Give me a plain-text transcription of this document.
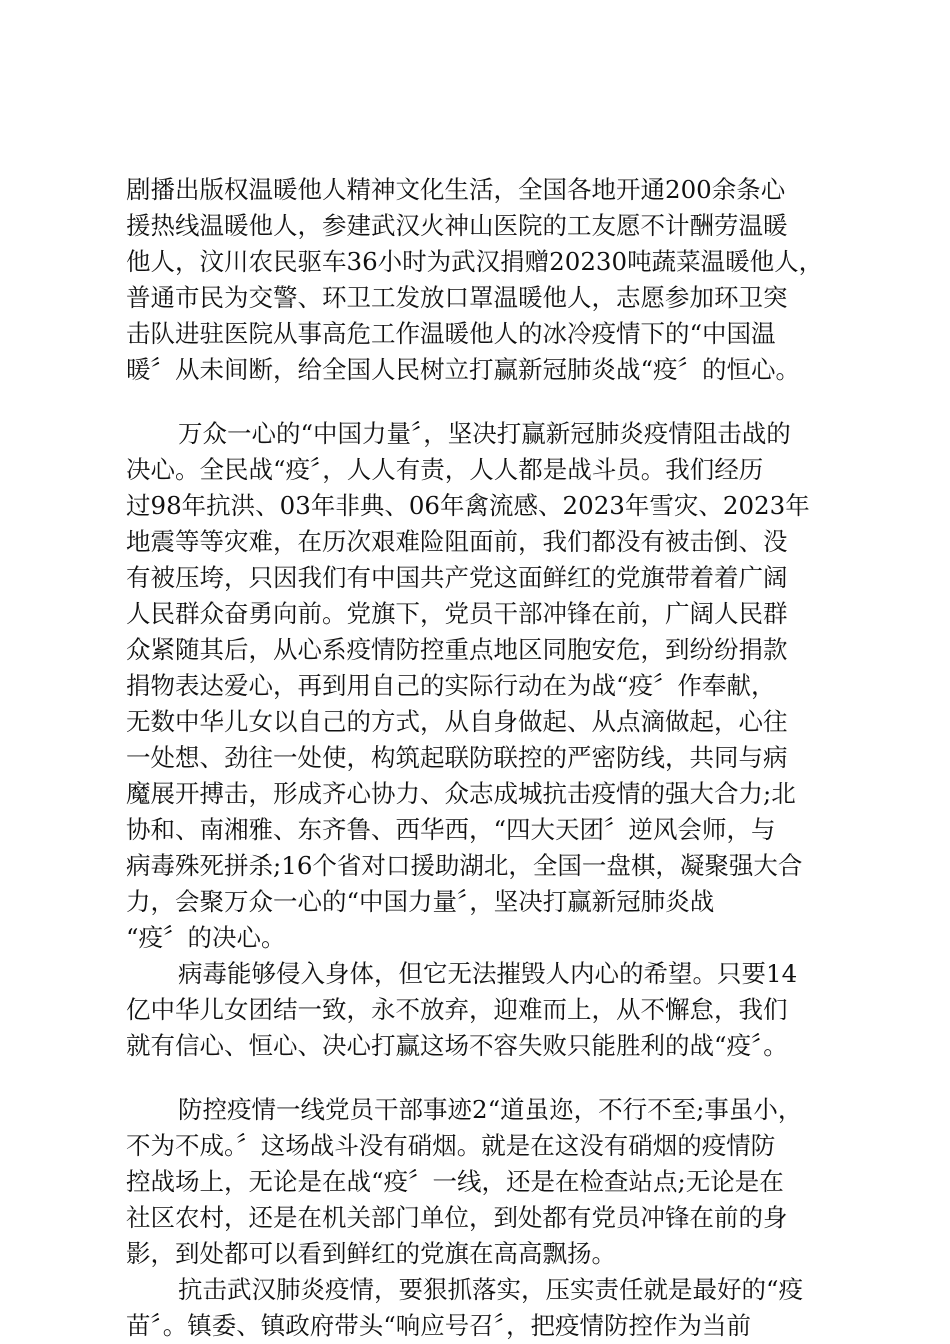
剧播出版权温暖他人精神文化生活，全国各地开通200余条心
援热线温暖他人，参建武汉火神山医院的工友愿不计酬劳温暖
他人，汶川农民驱车36小时为武汉捐赠20230吨蔬菜温暖他人，
普通市民为交警、环卫工发放口罩温暖他人，志愿参加环卫突
击队进驻医院从事高危工作温暖他人的冰冷疫情下的“中国温
暖〞从未间断，给全国人民树立打赢新冠肺炎战“疫〞的恒心。
万众一心的“中国力量〞，坚决打赢新冠肺炎疫情阻击战的
决心。全民战“疫〞，人人有责，人人都是战斗员。我们经历
过98年抗洪、03年非典、06年禽流感、2023年雪灾、2023年
地震等等灾难，在历次艰难险阻面前，我们都没有被击倒、没
有被压垮，只因我们有中国共产党这面鲜红的党旗带着着广阔
人民群众奋勇向前。党旗下，党员干部冲锋在前，广阔人民群
众紧随其后，从心系疫情防控重点地区同胞安危，到纷纷捐款
捐物表达爱心，再到用自己的实际行动在为战“疫〞作奉献，
无数中华儿女以自己的方式，从自身做起、从点滴做起，心往
一处想、劲往一处使，构筑起联防联控的严密防线，共同与病
魔展开搏击，形成齐心协力、众志成城抗击疫情的强大合力;北
协和、南湘雅、东齐鲁、西华西，“四大天团〞逆风会师，与
病毒殊死拼杀;16个省对口援助湖北，全国一盘棋，凝聚强大合
力，会聚万众一心的“中国力量〞，坚决打赢新冠肺炎战
“疫〞的决心。
病毒能够侵入身体，但它无法摧毁人内心的希望。只要14
亿中华儿女团结一致，永不放弃，迎难而上，从不懈怠，我们
就有信心、恒心、决心打赢这场不容失败只能胜利的战“疫〞。
防控疫情一线党员干部事迹2“道虽迩，不行不至;事虽小，
不为不成。〞这场战斗没有硝烟。就是在这没有硝烟的疫情防
控战场上，无论是在战“疫〞一线，还是在检查站点;无论是在
社区农村，还是在机关部门单位，到处都有党员冲锋在前的身
影，到处都可以看到鲜红的党旗在高高飘扬。
抗击武汉肺炎疫情，要狠抓落实，压实责任就是最好的“疫
苗〞。镇委、镇政府带头“响应号召〞，把疫情防控作为当前
